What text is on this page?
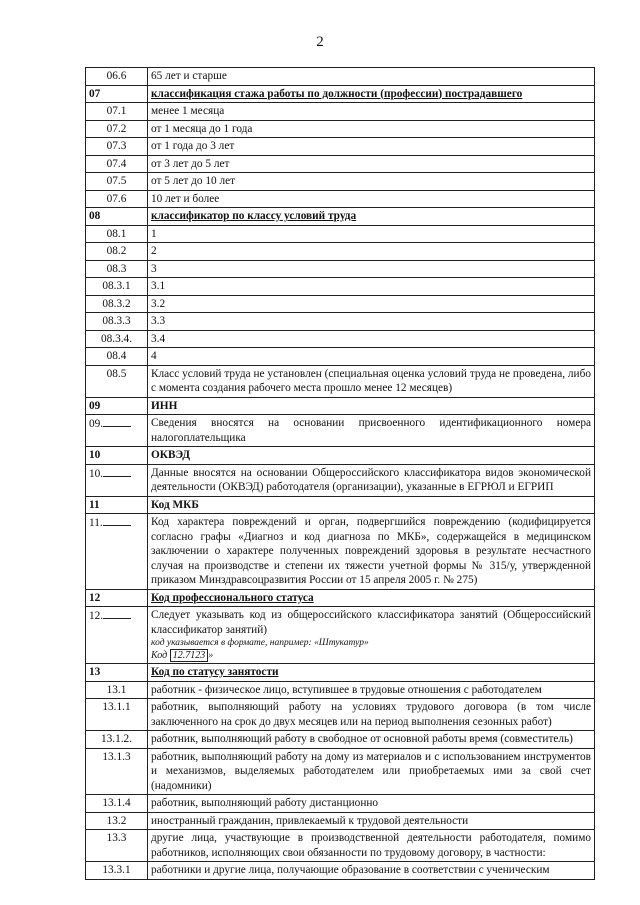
2
06.6	65 лет и старше
07	классификация стажа работы по должности (профессии) пострадавшего
07.1	менее 1 месяца
07.2	от 1 месяца до 1 года
07.3	от 1 года до 3 лет
07.4	от 3 лет до 5 лет
07.5	от 5 лет до 10 лет
07.6	10 лет и более
08	классификатор по классу условий труда
08.1	1
08.2	2
08.3	3
08.3.1	3.1
08.3.2	3.2
08.3.3	3.3
08.3.4.	3.4
08.4	4
08.5	Класс условий труда не установлен (специальная оценка условий труда не проведена, либо с момента создания рабочего места прошло менее 12 месяцев)
09	ИНН
09.	Сведения вносятся на основании присвоенного идентификационного номера налогоплательщика
10	ОКВЭД
10.	Данные вносятся на основании Общероссийского классификатора видов экономической деятельности (ОКВЭД) работодателя (организации), указанные в ЕГРЮЛ и ЕГРИП
11	Код МКБ
11.	Код характера повреждений и орган, подвергшийся повреждению (кодифицируется согласно графы «Диагноз и код диагноза по МКБ», содержащейся в медицинском заключении о характере полученных повреждений здоровья в результате несчастного случая на производстве и степени их тяжести учетной формы № 315/у, утвержденной приказом Минздравсоцразвития России от 15 апреля 2005 г. № 275)
12	Код профессионального статуса
12.	Следует указывать код из общероссийского классификатора занятий (Общероссийский классификатор занятий)
код указывается в формате, например: «Штукатур»
Код 12.7123 »

13	Код по статусу занятости
13.1	работник - физическое лицо, вступившее в трудовые отношения с работодателем
13.1.1	работник, выполняющий работу на условиях трудового договора (в том числе заключенного на срок до двух месяцев или на период выполнения сезонных работ)
13.1.2.	работник, выполняющий работу в свободное от основной работы время (совместитель)
13.1.3	работник, выполняющий работу на дому из материалов и с использованием инструментов и механизмов, выделяемых работодателем или приобретаемых ими за свой счет (надомники)
13.1.4	работник, выполняющий работу дистанционно
13.2	иностранный гражданин, привлекаемый к трудовой деятельности
13.3	другие лица, участвующие в производственной деятельности работодателя, помимо работников, исполняющих свои обязанности по трудовому договору, в частности:
13.3.1	работники и другие лица, получающие образование в соответствии с ученическим
